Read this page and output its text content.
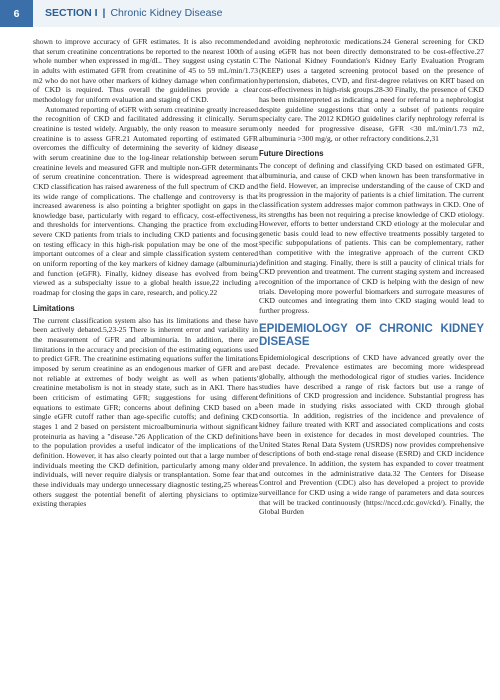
6	SECTION I | Chronic Kidney Disease

shown to improve accuracy of GFR estimates. It is also recommended that serum creatinine concentrations be reported to the nearest 100th of a whole number when expressed in mg/dL. They suggest using cystatin C in adults with estimated GFR from creatinine of 45 to 59 mL/min/1.73 m2 who do not have other markers of kidney damage when confirmation of CKD is required. Thus overall the guidelines provide a clear methodology for uniform evaluation and staging of CKD.

Automated reporting of eGFR with serum creatinine greatly increased the recognition of CKD and facilitated addressing it clinically. Serum creatinine is tested widely. Arguably, the only reason to measure serum creatinine is to assess GFR.21 Automated reporting of estimated GFR overcomes the difficulty of determining the severity of kidney disease with serum creatinine due to the log-linear relationship between serum creatinine levels and measured GFR and multiple non-GFR determinants of serum creatinine concentration. There is widespread agreement that CKD classification has raised awareness of the full spectrum of CKD and its wide range of complications. The challenge and controversy is that increased awareness is also pointing a brighter spotlight on gaps in the knowledge base, particularly with regard to efficacy, cost-effectiveness, and thresholds for interventions. Changing the practice from excluding severe CKD patients from trials to including CKD patients and focusing on testing efficacy in this high-risk population may be one of the most important outcomes of a clear and simple classification system centered on uniform reporting of the key markers of kidney damage (albuminuria) and function (eGFR). Finally, kidney disease has evolved from being viewed as a subspecialty issue to a global health issue,22 including a roadmap for closing the gaps in care, research, and policy.22

Limitations

The current classification system also has its limitations and these have been actively debated.5,23-25 There is inherent error and variability in the measurement of GFR and albuminuria. In addition, there are limitations in the accuracy and precision of the estimating equations used to predict GFR. The creatinine estimating equations suffer the limitations imposed by serum creatinine as an endogenous marker of GFR and are not reliable at extremes of body weight as well as when patients' creatinine metabolism is not in steady state, such as in AKI. There has been criticism of estimating GFR; suggestions for using different equations to estimate GFR; concerns about defining CKD based on a single eGFR cutoff rather than age-specific cutoffs; and defining CKD stages 1 and 2 based on persistent microalbuminuria without significant proteinuria as having a "disease."26 Application of the CKD definitions to the population provides a useful indicator of the implications of the definition. However, it has also clearly pointed out that a large number of individuals meeting the CKD definition, particularly among many older individuals, will never require dialysis or transplantation. Some fear that these individuals may undergo unnecessary diagnostic testing,25 whereas others suggest the potential benefit of alerting physicians to optimize existing therapies

and avoiding nephrotoxic medications.24 General screening for CKD using eGFR has not been directly demonstrated to be cost-effective.27 The National Kidney Foundation's Kidney Early Evaluation Program (KEEP) uses a targeted screening protocol based on the presence of hypertension, diabetes, CVD, and first-degree relatives on KRT based on cost-effectiveness in high-risk groups.28-30 Finally, the presence of CKD has been misinterpreted as indicating a need for referral to a nephrologist despite guideline suggestions that only a subset of patients require specialty care. The 2012 KDIGO guidelines clarify nephrology referral is only needed for progressive disease, GFR <30 mL/min/1.73 m2, albuminuria >300 mg/g, or other refractory conditions.2,31

Future Directions

The concept of defining and classifying CKD based on estimated GFR, albuminuria, and cause of CKD when known has been transformative in the field. However, an imprecise understanding of the cause of CKD and its progression in the majority of patients is a chief limitation. The current classification system addresses major common pathways in CKD. One of its strengths has been not requiring a precise knowledge of CKD etiology. However, efforts to better understand CKD etiology at the molecular and genetic basis could lead to new effective treatments possibly targeted to specific subpopulations of patients. This can be complementary, rather than competitive with the integrative approach of the current CKD definition and staging. Finally, there is still a paucity of clinical trials for CKD prevention and treatment. The current staging system and increased recognition of the importance of CKD is helping with the design of new trials. Developing more powerful biomarkers and surrogate measures of CKD outcomes and integrating them into CKD staging would lead to further progress.

EPIDEMIOLOGY OF CHRONIC KIDNEY DISEASE

Epidemiological descriptions of CKD have advanced greatly over the past decade. Prevalence estimates are becoming more widespread globally, although the methodological rigor of studies varies. Incidence studies have described a range of risk factors but use a range of definitions of CKD progression and incidence. Substantial progress has been made in studying risks associated with CKD through global consortia. In addition, registries of the incidence and prevalence of kidney failure treated with KRT and associated complications and costs have been in existence for decades in most developed countries. The United States Renal Data System (USRDS) now provides comprehensive descriptions of both end-stage renal disease (ESRD) and CKD incidence and prevalence. In addition, the system has expanded to cover treatment and outcomes in the administrative data.32 The Centers for Disease Control and Prevention (CDC) also has developed a project to provide surveillance for CKD using a wide range of parameters and data sources that will be tracked continuously (https://nccd.cdc.gov/ckd/). Finally, the Global Burden
